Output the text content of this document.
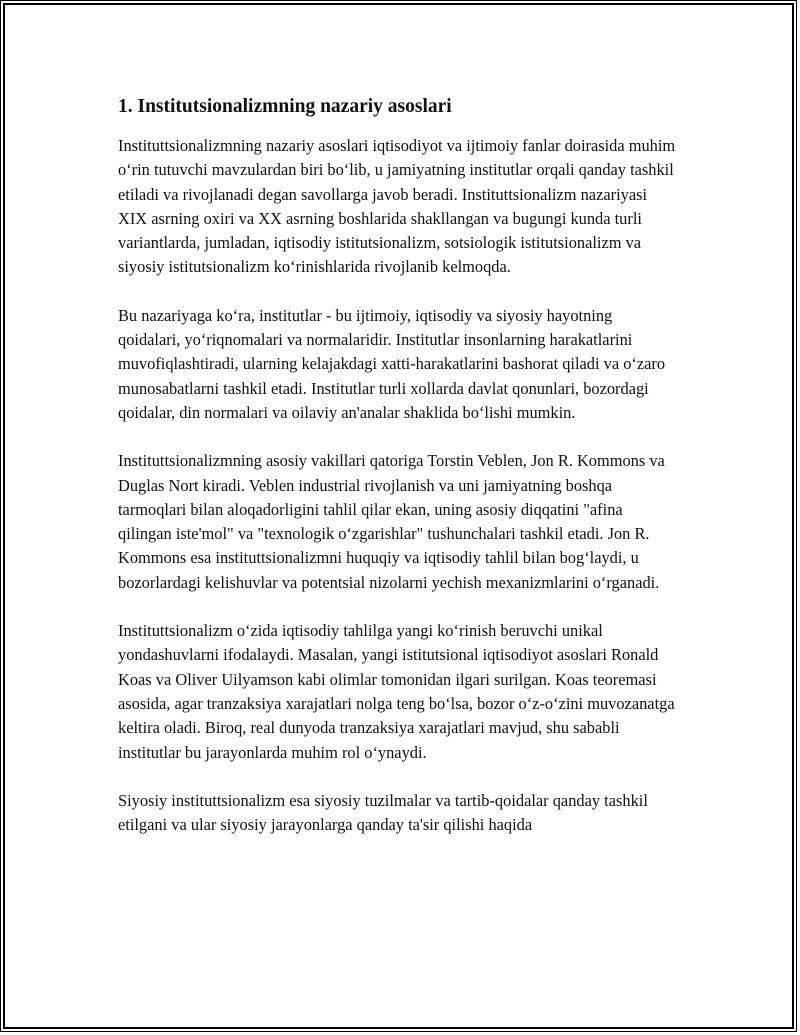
1. Institutsionalizmning nazariy asoslari

Instituttsionalizmning nazariy asoslari iqtisodiyot va ijtimoiy fanlar doirasida muhim o‘rin tutuvchi mavzulardan biri bo‘lib, u jamiyatning institutlar orqali qanday tashkil etiladi va rivojlanadi degan savollarga javob beradi. Instituttsionalizm nazariyasi XIX asrning oxiri va XX asrning boshlarida shakllangan va bugungi kunda turli variantlarda, jumladan, iqtisodiy istitutsionalizm, sotsiologik istitutsionalizm va siyosiy istitutsionalizm ko‘rinishlarida rivojlanib kelmoqda.

Bu nazariyaga ko‘ra, institutlar - bu ijtimoiy, iqtisodiy va siyosiy hayotning qoidalari, yo‘riqnomalari va normalaridir. Institutlar insonlarning harakatlarini muvofiqlashtiradi, ularning kelajakdagi xatti-harakatlarini bashorat qiladi va o‘zaro munosabatlarni tashkil etadi. Institutlar turli xollarda davlat qonunlari, bozordagi qoidalar, din normalari va oilaviy an'analar shaklida bo‘lishi mumkin.

Instituttsionalizmning asosiy vakillari qatoriga Torstin Veblen, Jon R. Kommons va Duglas Nort kiradi. Veblen industrial rivojlanish va uni jamiyatning boshqa tarmoqlari bilan aloqadorligini tahlil qilar ekan, uning asosiy diqqatini "afina qilingan iste'mol" va "texnologik o‘zgarishlar" tushunchalari tashkil etadi. Jon R. Kommons esa instituttsionalizmni huquqiy va iqtisodiy tahlil bilan bog‘laydi, u bozorlardagi kelishuvlar va potentsial nizolarni yechish mexanizmlarini o‘rganadi.

Instituttsionalizm o‘zida iqtisodiy tahlilga yangi ko‘rinish beruvchi unikal yondashuvlarni ifodalaydi. Masalan, yangi istitutsional iqtisodiyot asoslari Ronald Koas va Oliver Uilyamson kabi olimlar tomonidan ilgari surilgan. Koas teoremasi asosida, agar tranzaksiya xarajatlari nolga teng bo‘lsa, bozor o‘z-o‘zini muvozanatga keltira oladi. Biroq, real dunyoda tranzaksiya xarajatlari mavjud, shu sababli institutlar bu jarayonlarda muhim rol o‘ynaydi.

Siyosiy instituttsionalizm esa siyosiy tuzilmalar va tartib-qoidalar qanday tashkil etilgani va ular siyosiy jarayonlarga qanday ta'sir qilishi haqida
